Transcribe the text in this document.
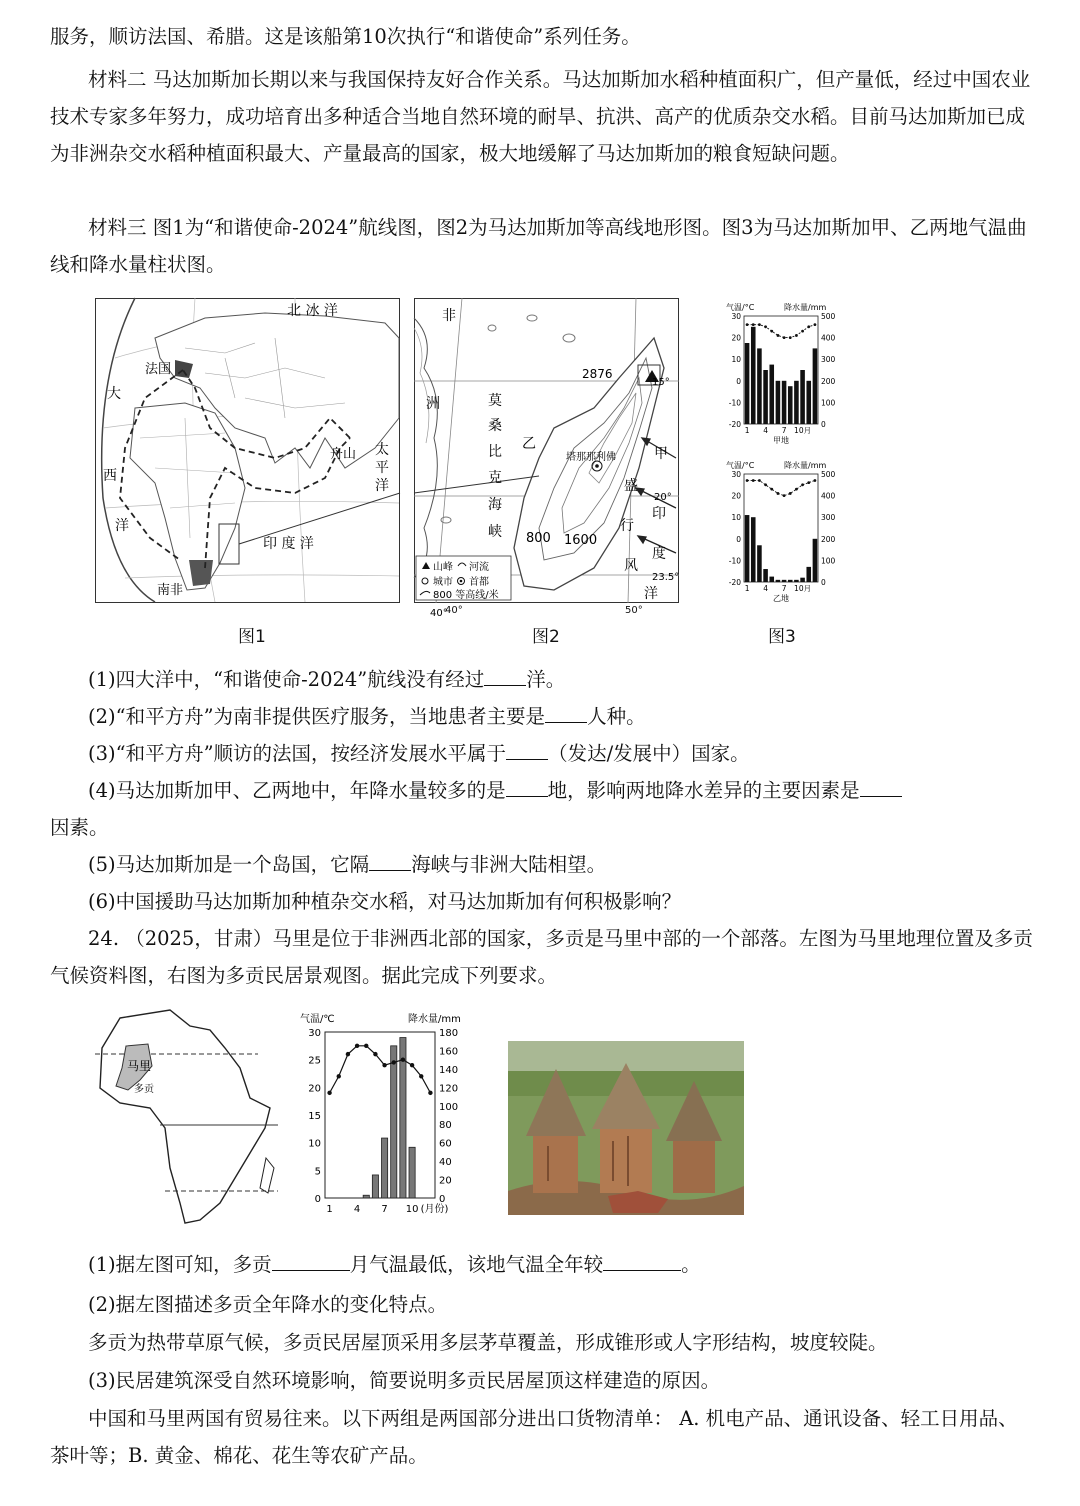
服务，顺访法国、希腊。这是该船第10次执行“和谐使命”系列任务。

材料二 马达加斯加长期以来与我国保持友好合作关系。马达加斯加水稻种植面积广，但产量低，经过中国农业技术专家多年努力，成功培育出多种适合当地自然环境的耐旱、抗洪、高产的优质杂交水稻。目前马达加斯加已成为非洲杂交水稻种植面积最大、产量最高的国家，极大地缓解了马达加斯加的粮食短缺问题。

材料三 图1为“和谐使命-2024”航线图，图2为马达加斯加等高线地形图。图3为马达加斯加甲、乙两地气温曲线和降水量柱状图。

北 冰 洋
法国
大
西
洋
舟山 太
平
洋
印 度 洋
南非
图1
山峰 河流
城市 首都
800 等高线/米
非
洲
2876
15°
20°
23.5°
莫
桑
比
克
海
峡
乙
甲
塔那那利佛
800 1600
盛
行
风
印
度
洋
40°
40°	50°
图2
气温/°C	降水量/mm
30
20
10
0
-10
-20
500
400
300
200
100
0
1 4 7 10月
甲地
气温/°C	降水量/mm
30
20
10
0
-10
-20
500
400
300
200
100
0
1 4 7 10月
乙地
图3

(1)四大洋中，“和谐使命-2024”航线没有经过 洋。

(2)“和平方舟”为南非提供医疗服务，当地患者主要是 人种。

(3)“和平方舟”顺访的法国，按经济发展水平属于 （发达/发展中）国家。

(4)马达加斯加甲、乙两地中，年降水量较多的是 地，影响两地降水差异的主要因素是

因素。

(5)马达加斯加是一个岛国，它隔 海峡与非洲大陆相望。

(6)中国援助马达加斯加种植杂交水稻，对马达加斯加有何积极影响？

24. （2025，甘肃）马里是位于非洲西北部的国家，多贡是马里中部的一个部落。左图为马里地理位置及多贡气候资料图，右图为多贡民居景观图。据此完成下列要求。

马里
多贡
气温/℃	降水量/mm
30
25
20
15
10
5
0
180
160
140
120
100
80
60
40
20
0
1 4 7 10 (月份)

(1)据左图可知，多贡	月气温最低，该地气温全年较	。

(2)据左图描述多贡全年降水的变化特点。

多贡为热带草原气候，多贡民居屋顶采用多层茅草覆盖，形成锥形或人字形结构，坡度较陡。

(3)民居建筑深受自然环境影响，简要说明多贡民居屋顶这样建造的原因。

中国和马里两国有贸易往来。以下两组是两国部分进出口货物清单： A. 机电产品、通讯设备、轻工日用品、茶叶等；B. 黄金、棉花、花生等农矿产品。
